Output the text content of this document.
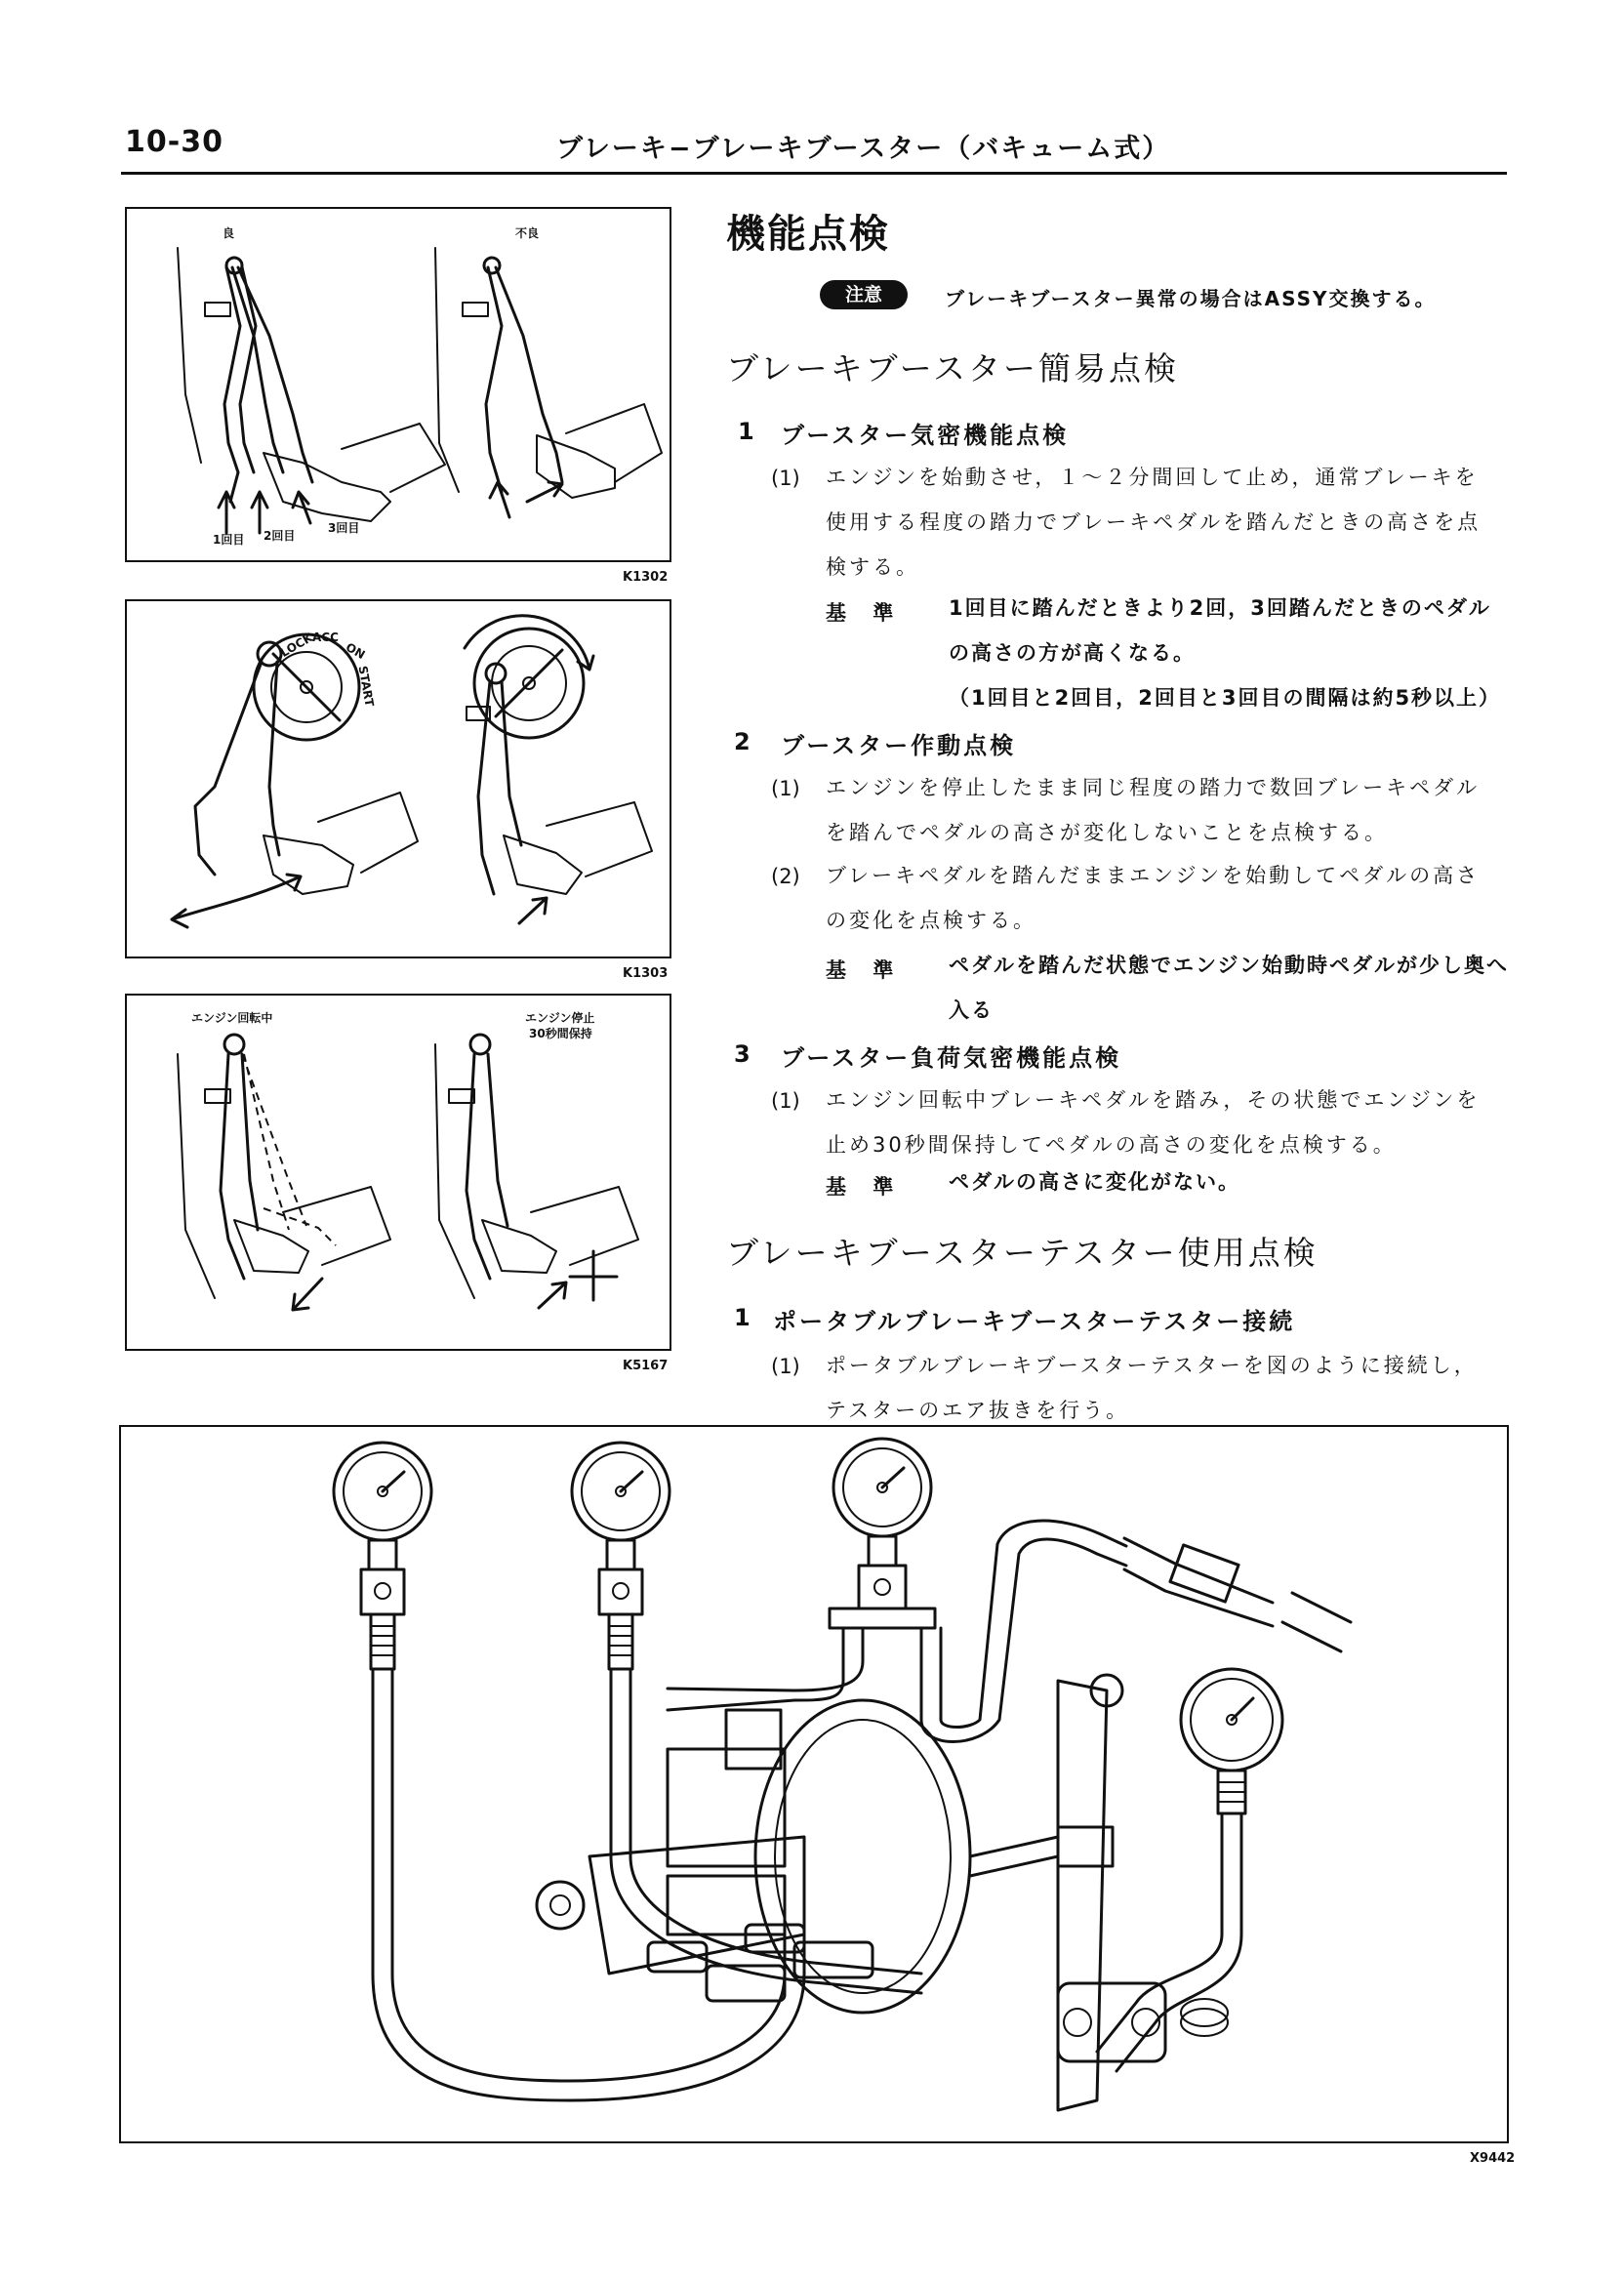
10-30	ブレーキ−ブレーキブースター（バキューム式）
良	不良
1回目 2回目
3回目
K1302
LOCK
ACC
ON
START
K1303
エンジン回転中	エンジン停止
30秒間保持
K5167
機能点検
注意	ブレーキブースター異常の場合はASSY交換する。
ブレーキブースター簡易点検
1 ブースター気密機能点検
(1) エンジンを始動させ，１〜２分間回して止め，通常ブレーキを
使用する程度の踏力でブレーキペダルを踏んだときの高さを点
検する。
基 準 1回目に踏んだときより2回，3回踏んだときのペダル
の高さの方が高くなる。
（1回目と2回目，2回目と3回目の間隔は約5秒以上）
2 ブースター作動点検
(1) エンジンを停止したまま同じ程度の踏力で数回ブレーキペダル
を踏んでペダルの高さが変化しないことを点検する。
(2) ブレーキペダルを踏んだままエンジンを始動してペダルの高さ
の変化を点検する。
基 準 ペダルを踏んだ状態でエンジン始動時ペダルが少し奥へ
入る
3 ブースター負荷気密機能点検
(1) エンジン回転中ブレーキペダルを踏み，その状態でエンジンを
止め30秒間保持してペダルの高さの変化を点検する。
基 準 ペダルの高さに変化がない。
ブレーキブースターテスター使用点検
1 ポータブルブレーキブースターテスター接続
(1) ポータブルブレーキブースターテスターを図のように接続し，
テスターのエア抜きを行う。
X9442
